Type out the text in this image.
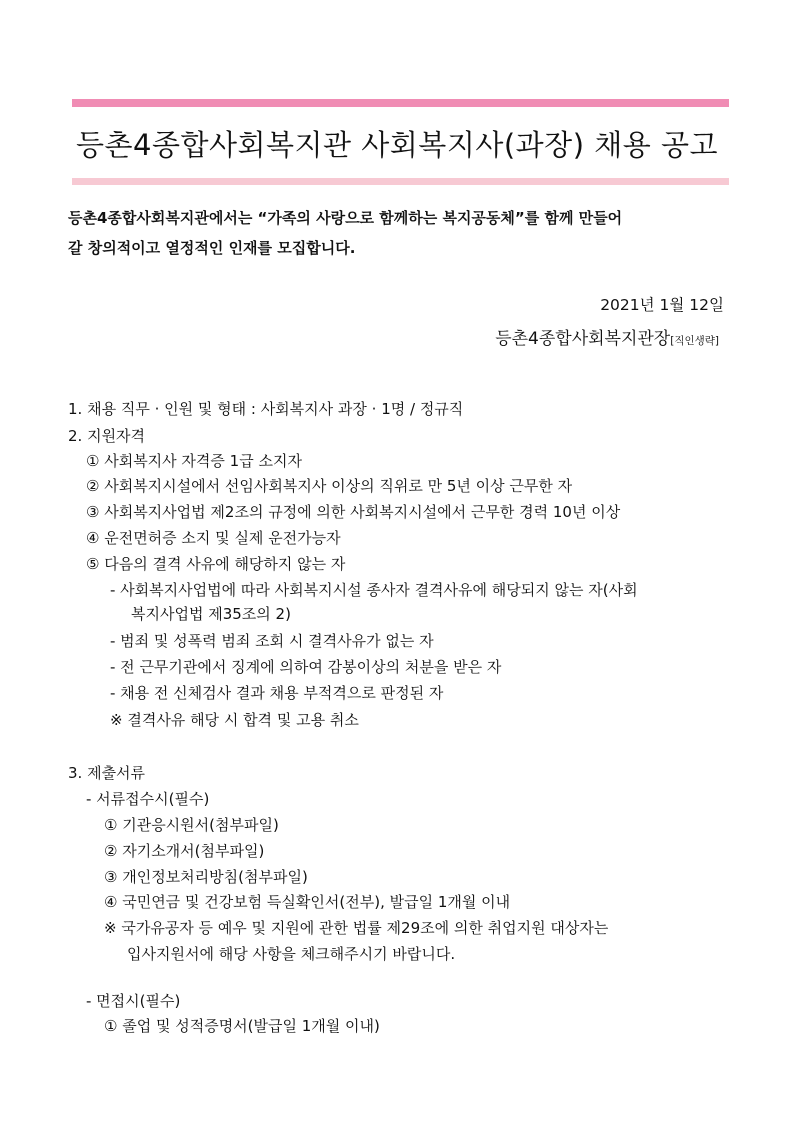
등촌4종합사회복지관 사회복지사(과장) 채용 공고
등촌4종합사회복지관에서는 “가족의 사랑으로 함께하는 복지공동체”를 함께 만들어
갈 창의적이고 열정적인 인재를 모집합니다.
2021년 1월 12일
등촌4종합사회복지관장[직인생략]
1. 채용 직무 · 인원 및 형태 : 사회복지사 과장 · 1명 / 정규직
2. 지원자격
① 사회복지사 자격증 1급 소지자
② 사회복지시설에서 선임사회복지사 이상의 직위로 만 5년 이상 근무한 자
③ 사회복지사업법 제2조의 규정에 의한 사회복지시설에서 근무한 경력 10년 이상
④ 운전면허증 소지 및 실제 운전가능자
⑤ 다음의 결격 사유에 해당하지 않는 자
- 사회복지사업법에 따라 사회복지시설 종사자 결격사유에 해당되지 않는 자(사회
복지사업법 제35조의 2)
- 범죄 및 성폭력 범죄 조회 시 결격사유가 없는 자
- 전 근무기관에서 징계에 의하여 감봉이상의 처분을 받은 자
- 채용 전 신체검사 결과 채용 부적격으로 판정된 자
※ 결격사유 해당 시 합격 및 고용 취소
3. 제출서류
- 서류접수시(필수)
① 기관응시원서(첨부파일)
② 자기소개서(첨부파일)
③ 개인정보처리방침(첨부파일)
④ 국민연금 및 건강보험 득실확인서(전부), 발급일 1개월 이내
※ 국가유공자 등 예우 및 지원에 관한 법률 제29조에 의한 취업지원 대상자는
입사지원서에 해당 사항을 체크해주시기 바랍니다.
- 면접시(필수)
① 졸업 및 성적증명서(발급일 1개월 이내)
